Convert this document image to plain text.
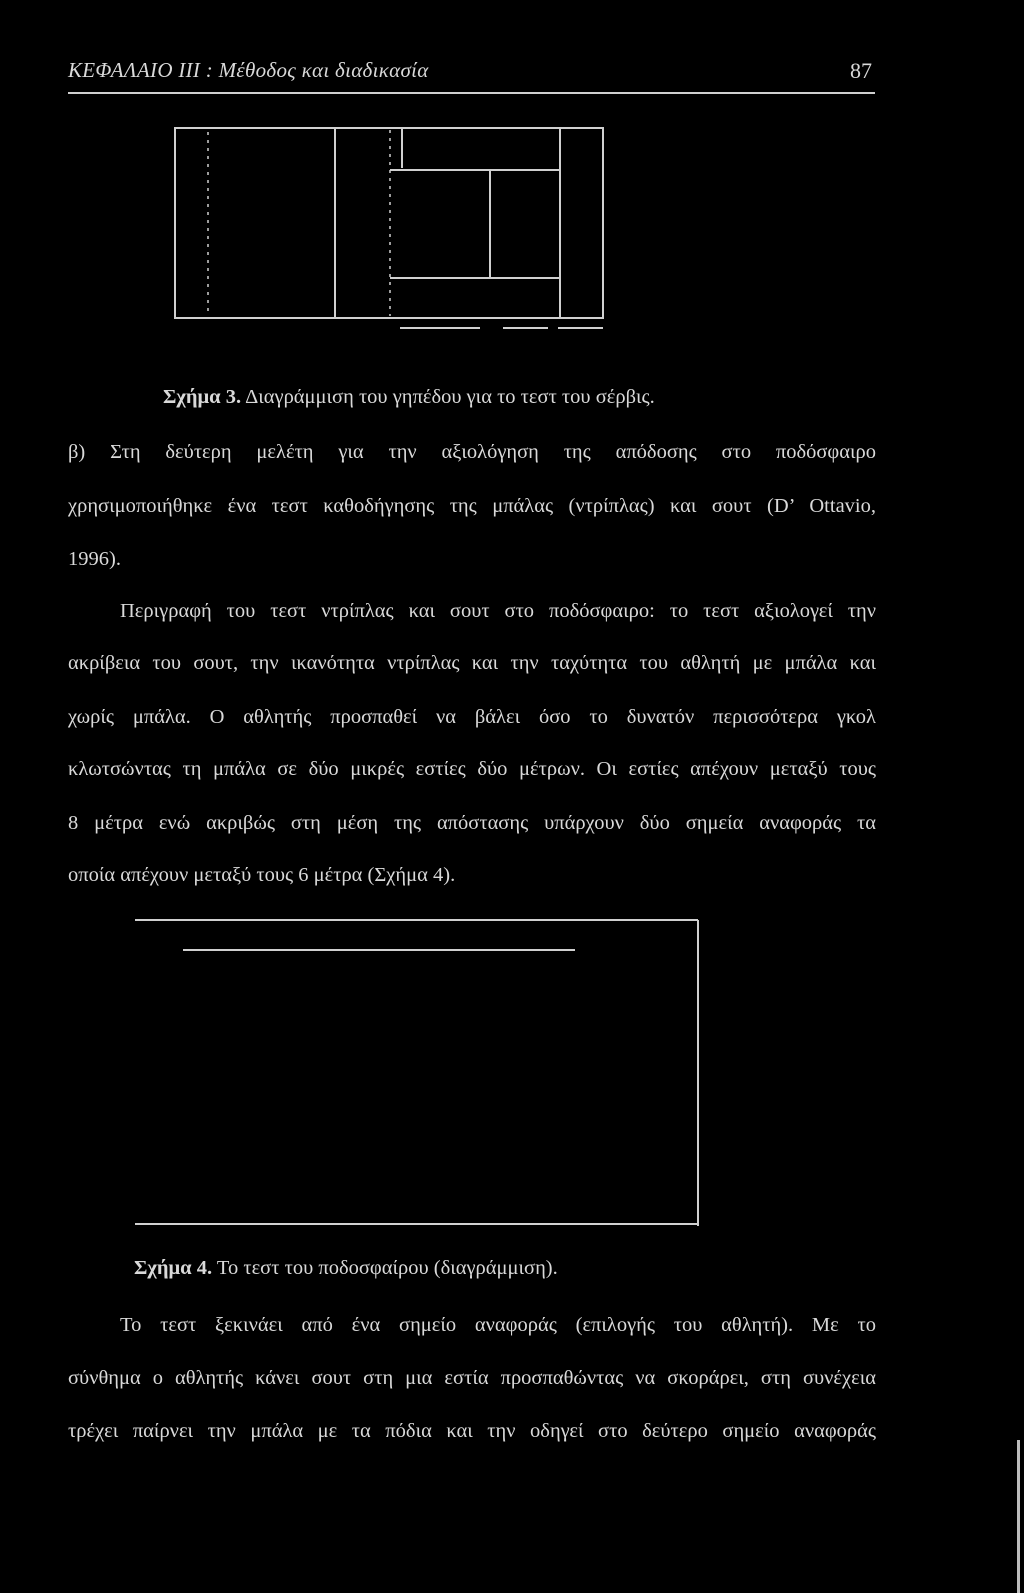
ΚΕΦΑΛΑΙΟ III : Μέθοδος και διαδικασία	87
Σχήμα 3. Διαγράμμιση του γηπέδου για το τεστ του σέρβις.
β) Στη δεύτερη μελέτη για την αξιολόγηση της απόδοσης στο ποδόσφαιρο
χρησιμοποιήθηκε ένα τεστ καθοδήγησης της μπάλας (ντρίπλας) και σουτ (D’ Ottavio,
1996).
Περιγραφή του τεστ ντρίπλας και σουτ στο ποδόσφαιρο: το τεστ αξιολογεί την
ακρίβεια του σουτ, την ικανότητα ντρίπλας και την ταχύτητα του αθλητή με μπάλα και
χωρίς μπάλα. Ο αθλητής προσπαθεί να βάλει όσο το δυνατόν περισσότερα γκολ
κλωτσώντας τη μπάλα σε δύο μικρές εστίες δύο μέτρων. Οι εστίες απέχουν μεταξύ τους
8 μέτρα ενώ ακριβώς στη μέση της απόστασης υπάρχουν δύο σημεία αναφοράς τα
οποία απέχουν μεταξύ τους 6 μέτρα (Σχήμα 4).
Σχήμα 4. Το τεστ του ποδοσφαίρου (διαγράμμιση).
Το τεστ ξεκινάει από ένα σημείο αναφοράς (επιλογής του αθλητή). Με το
σύνθημα ο αθλητής κάνει σουτ στη μια εστία προσπαθώντας να σκοράρει, στη συνέχεια
τρέχει παίρνει την μπάλα με τα πόδια και την οδηγεί στο δεύτερο σημείο αναφοράς
